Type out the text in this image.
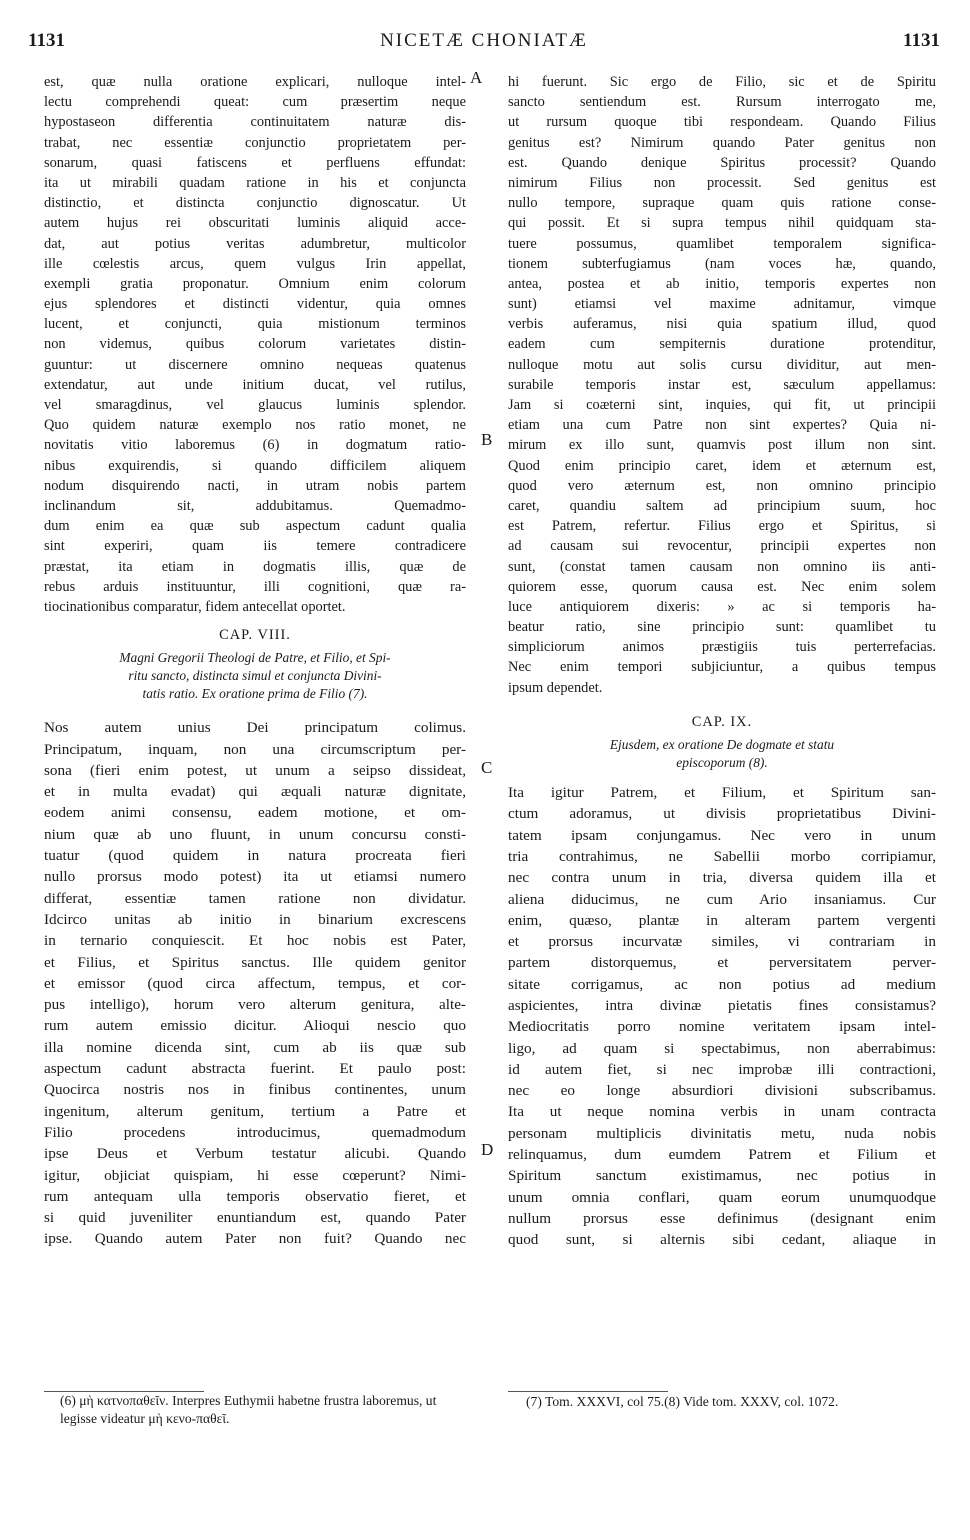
1131	NICETÆ CHONIATÆ	1131
A
B
C
D
est, quæ nulla oratione explicari, nulloque intel-
lectu comprehendi queat: cum præsertim neque
hypostaseon differentia continuitatem naturæ dis-
trabat, nec essentiæ conjunctio proprietatem per-
sonarum, quasi fatiscens et perfluens effundat:
ita ut mirabili quadam ratione in his et conjuncta
distinctio, et distincta conjunctio dignoscatur. Ut
autem hujus rei obscuritati luminis aliquid acce-
dat, aut potius veritas adumbretur, multicolor
ille cœlestis arcus, quem vulgus Irin appellat,
exempli gratia proponatur. Omnium enim colorum
ejus splendores et distincti videntur, quia omnes
lucent, et conjuncti, quia mistionum terminos
non videmus, quibus colorum varietates distin-
guuntur: ut discernere omnino nequeas quatenus
extendatur, aut unde initium ducat, vel rutilus,
vel smaragdinus, vel glaucus luminis splendor.
Quo quidem naturæ exemplo nos ratio monet, ne
novitatis vitio laboremus (6) in dogmatum ratio-
nibus exquirendis, si quando difficilem aliquem
nodum disquirendo nacti, in utram nobis partem
inclinandum sit, addubitamus. Quemadmo-
dum enim ea quæ sub aspectum cadunt qualia
sint experiri, quam iis temere contradicere
præstat, ita etiam in dogmatis illis, quæ de
rebus arduis instituuntur, illi cognitioni, quæ ra-
tiocinationibus comparatur, fidem antecellat oportet.
CAP. VIII.
Magni Gregorii Theologi de Patre, et Filio, et Spi-
ritu sancto, distincta simul et conjuncta Divini-
tatis ratio. Ex oratione prima de Filio (7).
Nos autem unius Dei principatum colimus.
Principatum, inquam, non una circumscriptum per-
sona (fieri enim potest, ut unum a seipso dissideat,
et in multa evadat) qui æquali naturæ dignitate,
eodem animi consensu, eadem motione, et om-
nium quæ ab uno fluunt, in unum concursu consti-
tuatur (quod quidem in natura procreata fieri
nullo prorsus modo potest) ita ut etiamsi numero
differat, essentiæ tamen ratione non dividatur.
Idcirco unitas ab initio in binarium excrescens
in ternario conquiescit. Et hoc nobis est Pater,
et Filius, et Spiritus sanctus. Ille quidem genitor
et emissor (quod circa affectum, tempus, et cor-
pus intelligo), horum vero alterum genitura, alte-
rum autem emissio dicitur. Alioqui nescio quo
illa nomine dicenda sint, cum ab iis quæ sub
aspectum cadunt abstracta fuerint. Et paulo post:
Quocirca nostris nos in finibus continentes, unum
ingenitum, alterum genitum, tertium a Patre et
Filio procedens introducimus, quemadmodum
ipse Deus et Verbum testatur alicubi. Quando
igitur, objiciat quispiam, hi esse cœperunt? Nimi-
rum antequam ulla temporis observatio fieret, et
si quid juveniliter enuntiandum est, quando Pater
ipse. Quando autem Pater non fuit? Quando nec
(6) μὴ κατνοπαθεῖν. Interpres Euthymii habetne frustra laboremus, ut legisse videatur μὴ κενο-παθεῖ.
hi fuerunt. Sic ergo de Filio, sic et de Spiritu
sancto sentiendum est. Rursum interrogato me,
ut rursum quoque tibi respondeam. Quando Filius
genitus est? Nimirum quando Pater genitus non
est. Quando denique Spiritus processit? Quando
nimirum Filius non processit. Sed genitus est
nullo tempore, supraque quam quis ratione conse-
qui possit. Et si supra tempus nihil quidquam sta-
tuere possumus, quamlibet temporalem significa-
tionem subterfugiamus (nam voces hæ, quando,
antea, postea et ab initio, temporis expertes non
sunt) etiamsi vel maxime adnitamur, vimque
verbis auferamus, nisi quia spatium illud, quod
eadem cum sempiternis duratione protenditur,
nulloque motu aut solis cursu dividitur, aut men-
surabile temporis instar est, sæculum appellamus:
Jam si coæterni sint, inquies, qui fit, ut principii
etiam una cum Patre non sint expertes? Quia ni-
mirum ex illo sunt, quamvis post illum non sint.
Quod enim principio caret, idem et æternum est,
quod vero æternum est, non omnino principio
caret, quandiu saltem ad principium suum, hoc
est Patrem, refertur. Filius ergo et Spiritus, si
ad causam sui revocentur, principii expertes non
sunt, (constat tamen causam non omnino iis anti-
quiorem esse, quorum causa est. Nec enim solem
luce antiquiorem dixeris: » ac si temporis ha-
beatur ratio, sine principio sunt: quamlibet tu
simpliciorum animos præstigiis tuis perterrefacias.
Nec enim tempori subjiciuntur, a quibus tempus
ipsum dependet.
CAP. IX.
Ejusdem, ex oratione De dogmate et statu
episcoporum (8).
Ita igitur Patrem, et Filium, et Spiritum san-
ctum adoramus, ut divisis proprietatibus Divini-
tatem ipsam conjungamus. Nec vero in unum
tria contrahimus, ne Sabellii morbo corripiamur,
nec contra unum in tria, diversa quidem illa et
aliena diducimus, ne cum Ario insaniamus. Cur
enim, quæso, plantæ in alteram partem vergenti
et prorsus incurvatæ similes, vi contrariam in
partem distorquemus, et perversitatem perver-
sitate corrigamus, ac non potius ad medium
aspicientes, intra divinæ pietatis fines consistamus?
Mediocritatis porro nomine veritatem ipsam intel-
ligo, ad quam si spectabimus, non aberrabimus:
id autem fiet, si nec improbæ illi contractioni,
nec eo longe absurdiori divisioni subscribamus.
Ita ut neque nomina verbis in unam contracta
personam multiplicis divinitatis metu, nuda nobis
relinquamus, dum eumdem Patrem et Filium et
Spiritum sanctum existimamus, nec potius in
unum omnia conflari, quam eorum unumquodque
nullum prorsus esse definimus (designant enim
quod sunt, si alternis sibi cedant, aliaque in
(7) Tom. XXXVI, col 75.(8) Vide tom. XXXV, col. 1072.
